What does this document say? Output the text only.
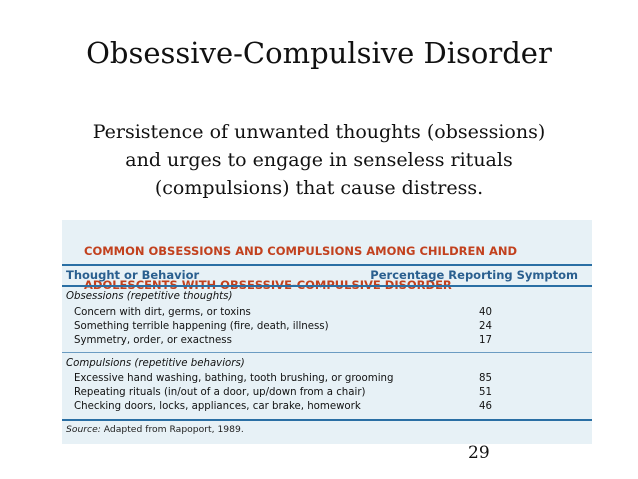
Obsessive-Compulsive Disorder
Persistence of unwanted thoughts (obsessions)
and urges to engage in senseless rituals
(compulsions) that cause distress.

COMMON OBSESSIONS AND COMPULSIONS AMONG CHILDREN AND

Thought or Behavior	Percentage Reporting Symptom
Obsessions (repetitive thoughts)
Concern with dirt, germs, or toxins	40
Something terrible happening (fire, death, illness)	24
Symmetry, order, or exactness	17
Compulsions (repetitive behaviors)
Excessive hand washing, bathing, tooth brushing, or grooming	85
Repeating rituals (in/out of a door, up/down from a chair)	51
Checking doors, locks, appliances, car brake, homework	46
Source: Adapted from Rapoport, 1989.
29
